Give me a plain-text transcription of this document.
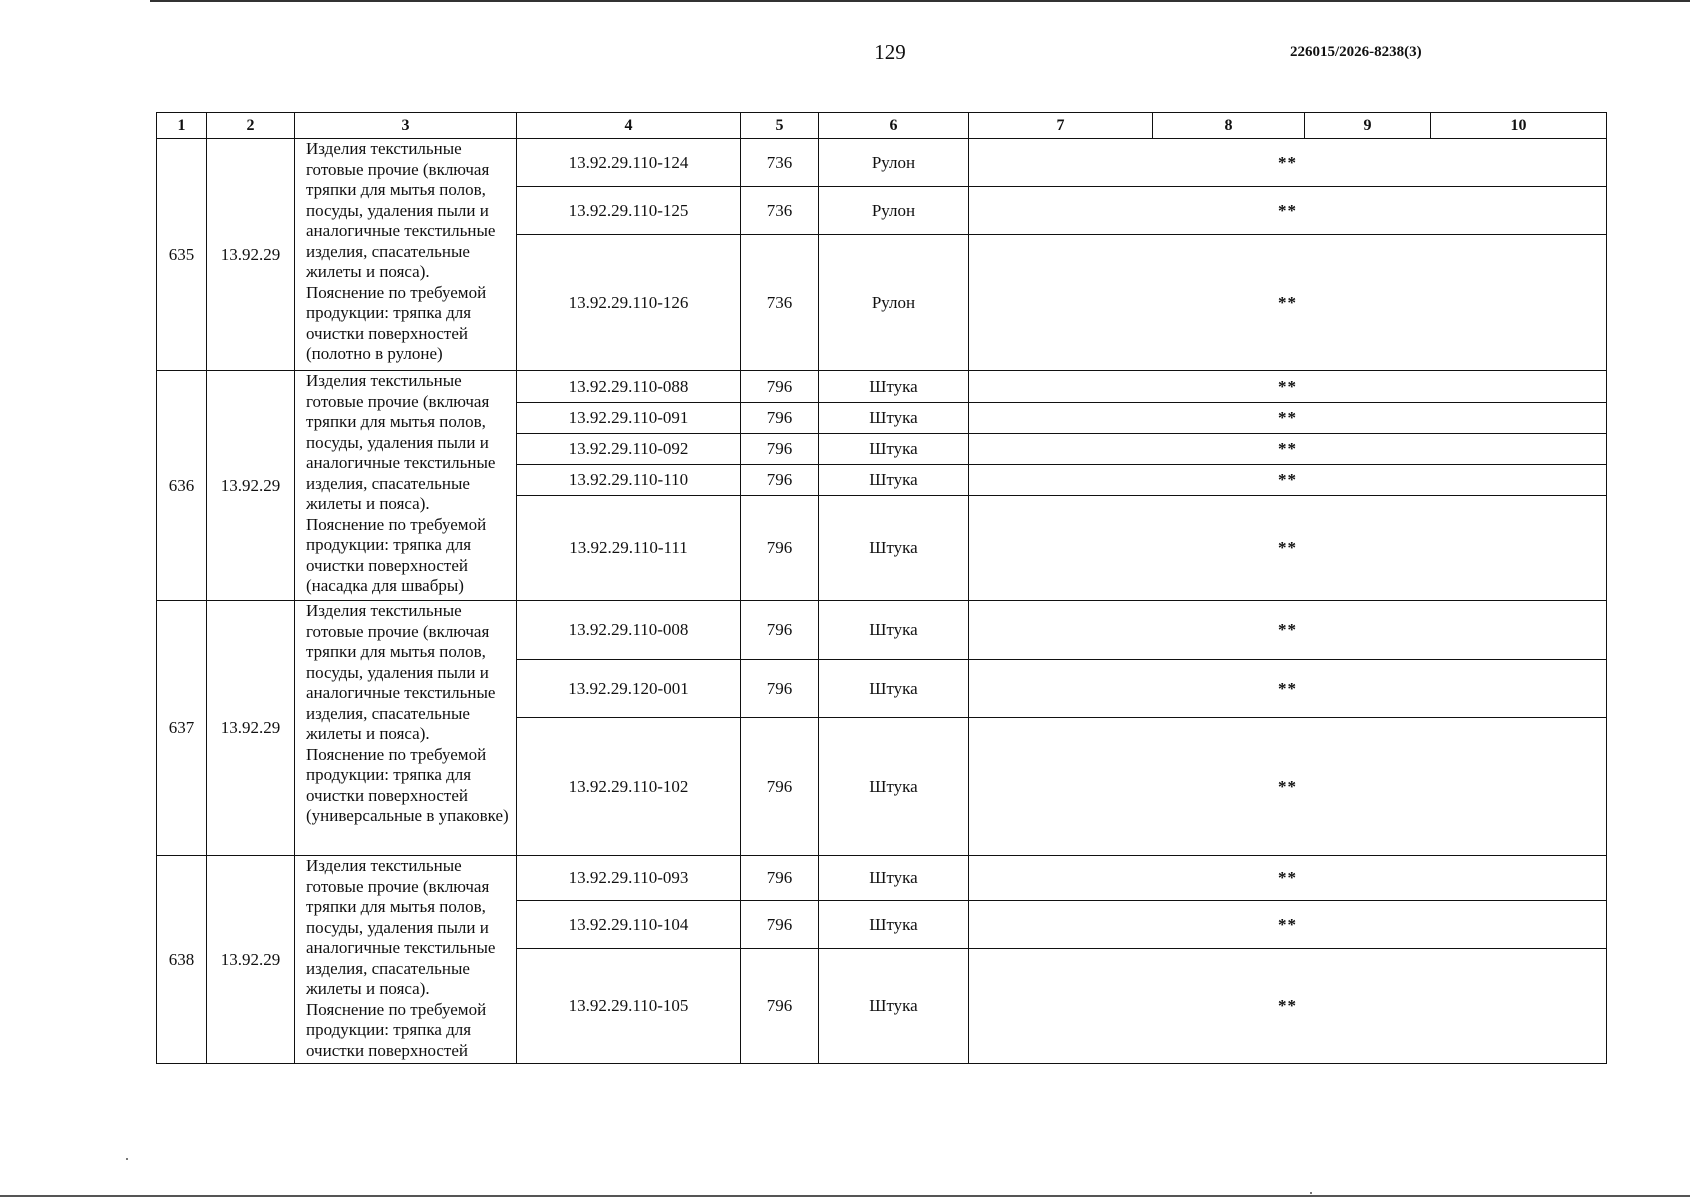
129	226015/2026-8238(3)
1	2	3	4	5	6	7	8	9	10
635	13.92.29	Изделия текстильные готовые прочие (включая тряпки для мытья полов, посуды, удаления пыли и аналогичные текстильные изделия, спасательные жилеты и пояса). Пояснение по требуемой продукции: тряпка для очистки поверхностей (полотно в рулоне)	13.92.29.110-124	736	Рулон	**			
			13.92.29.110-125	736	Рулон	**			
			13.92.29.110-126	736	Рулон	**			
636	13.92.29	Изделия текстильные готовые прочие (включая тряпки для мытья полов, посуды, удаления пыли и аналогичные текстильные изделия, спасательные жилеты и пояса). Пояснение по требуемой продукции: тряпка для очистки поверхностей (насадка для швабры)	13.92.29.110-088	796	Штука	**			
			13.92.29.110-091	796	Штука	**			
			13.92.29.110-092	796	Штука	**			
			13.92.29.110-110	796	Штука	**			
			13.92.29.110-111	796	Штука	**			
637	13.92.29	Изделия текстильные готовые прочие (включая тряпки для мытья полов, посуды, удаления пыли и аналогичные текстильные изделия, спасательные жилеты и пояса). Пояснение по требуемой продукции: тряпка для очистки поверхностей (универсальные в упаковке)	13.92.29.110-008	796	Штука	**			
			13.92.29.120-001	796	Штука	**			
			13.92.29.110-102	796	Штука	**			
638	13.92.29	Изделия текстильные готовые прочие (включая тряпки для мытья полов, посуды, удаления пыли и аналогичные текстильные изделия, спасательные жилеты и пояса). Пояснение по требуемой продукции: тряпка для очистки поверхностей	13.92.29.110-093	796	Штука	**			
			13.92.29.110-104	796	Штука	**			
			13.92.29.110-105	796	Штука	**			
